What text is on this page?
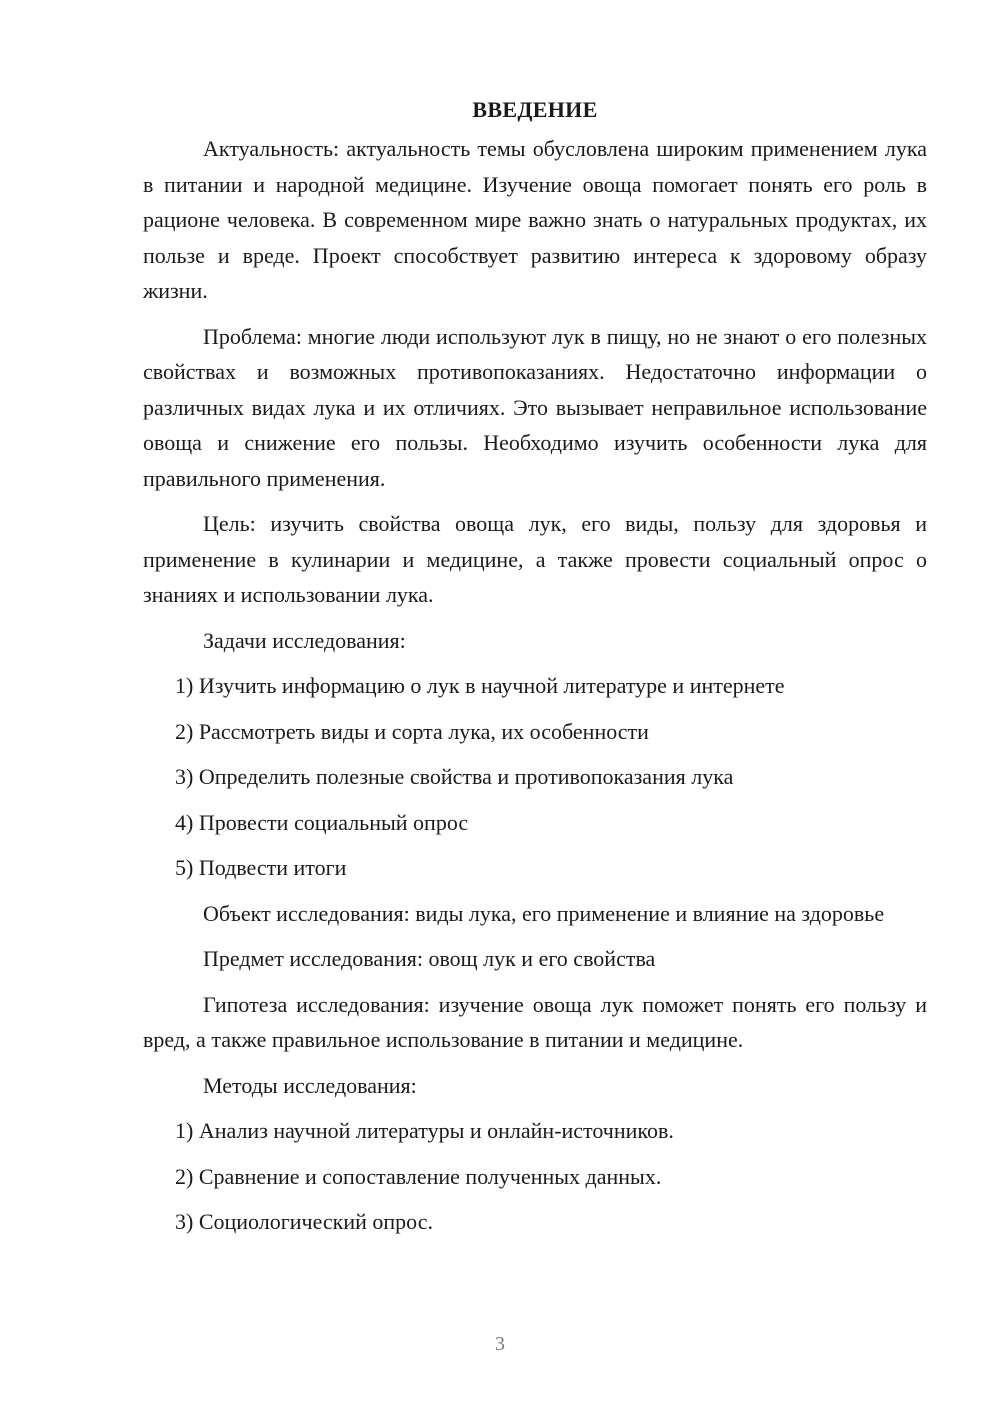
ВВЕДЕНИЕ

Актуальность: актуальность темы обусловлена широким применением лука в питании и народной медицине. Изучение овоща помогает понять его роль в рационе человека. В современном мире важно знать о натуральных продуктах, их пользе и вреде. Проект способствует развитию интереса к здоровому образу жизни.

Проблема: многие люди используют лук в пищу, но не знают о его полезных свойствах и возможных противопоказаниях. Недостаточно информации о различных видах лука и их отличиях. Это вызывает неправильное использование овоща и снижение его пользы. Необходимо изучить особенности лука для правильного применения.

Цель: изучить свойства овоща лук, его виды, пользу для здоровья и применение в кулинарии и медицине, а также провести социальный опрос о знаниях и использовании лука.

Задачи исследования:

1) Изучить информацию о лук в научной литературе и интернете
2) Рассмотреть виды и сорта лука, их особенности
3) Определить полезные свойства и противопоказания лука
4) Провести социальный опрос
5) Подвести итоги

Объект исследования: виды лука, его применение и влияние на здоровье

Предмет исследования: овощ лук и его свойства

Гипотеза исследования: изучение овоща лук поможет понять его пользу и вред, а также правильное использование в питании и медицине.

Методы исследования:

1) Анализ научной литературы и онлайн-источников.
2) Сравнение и сопоставление полученных данных.
3) Социологический опрос.
3
